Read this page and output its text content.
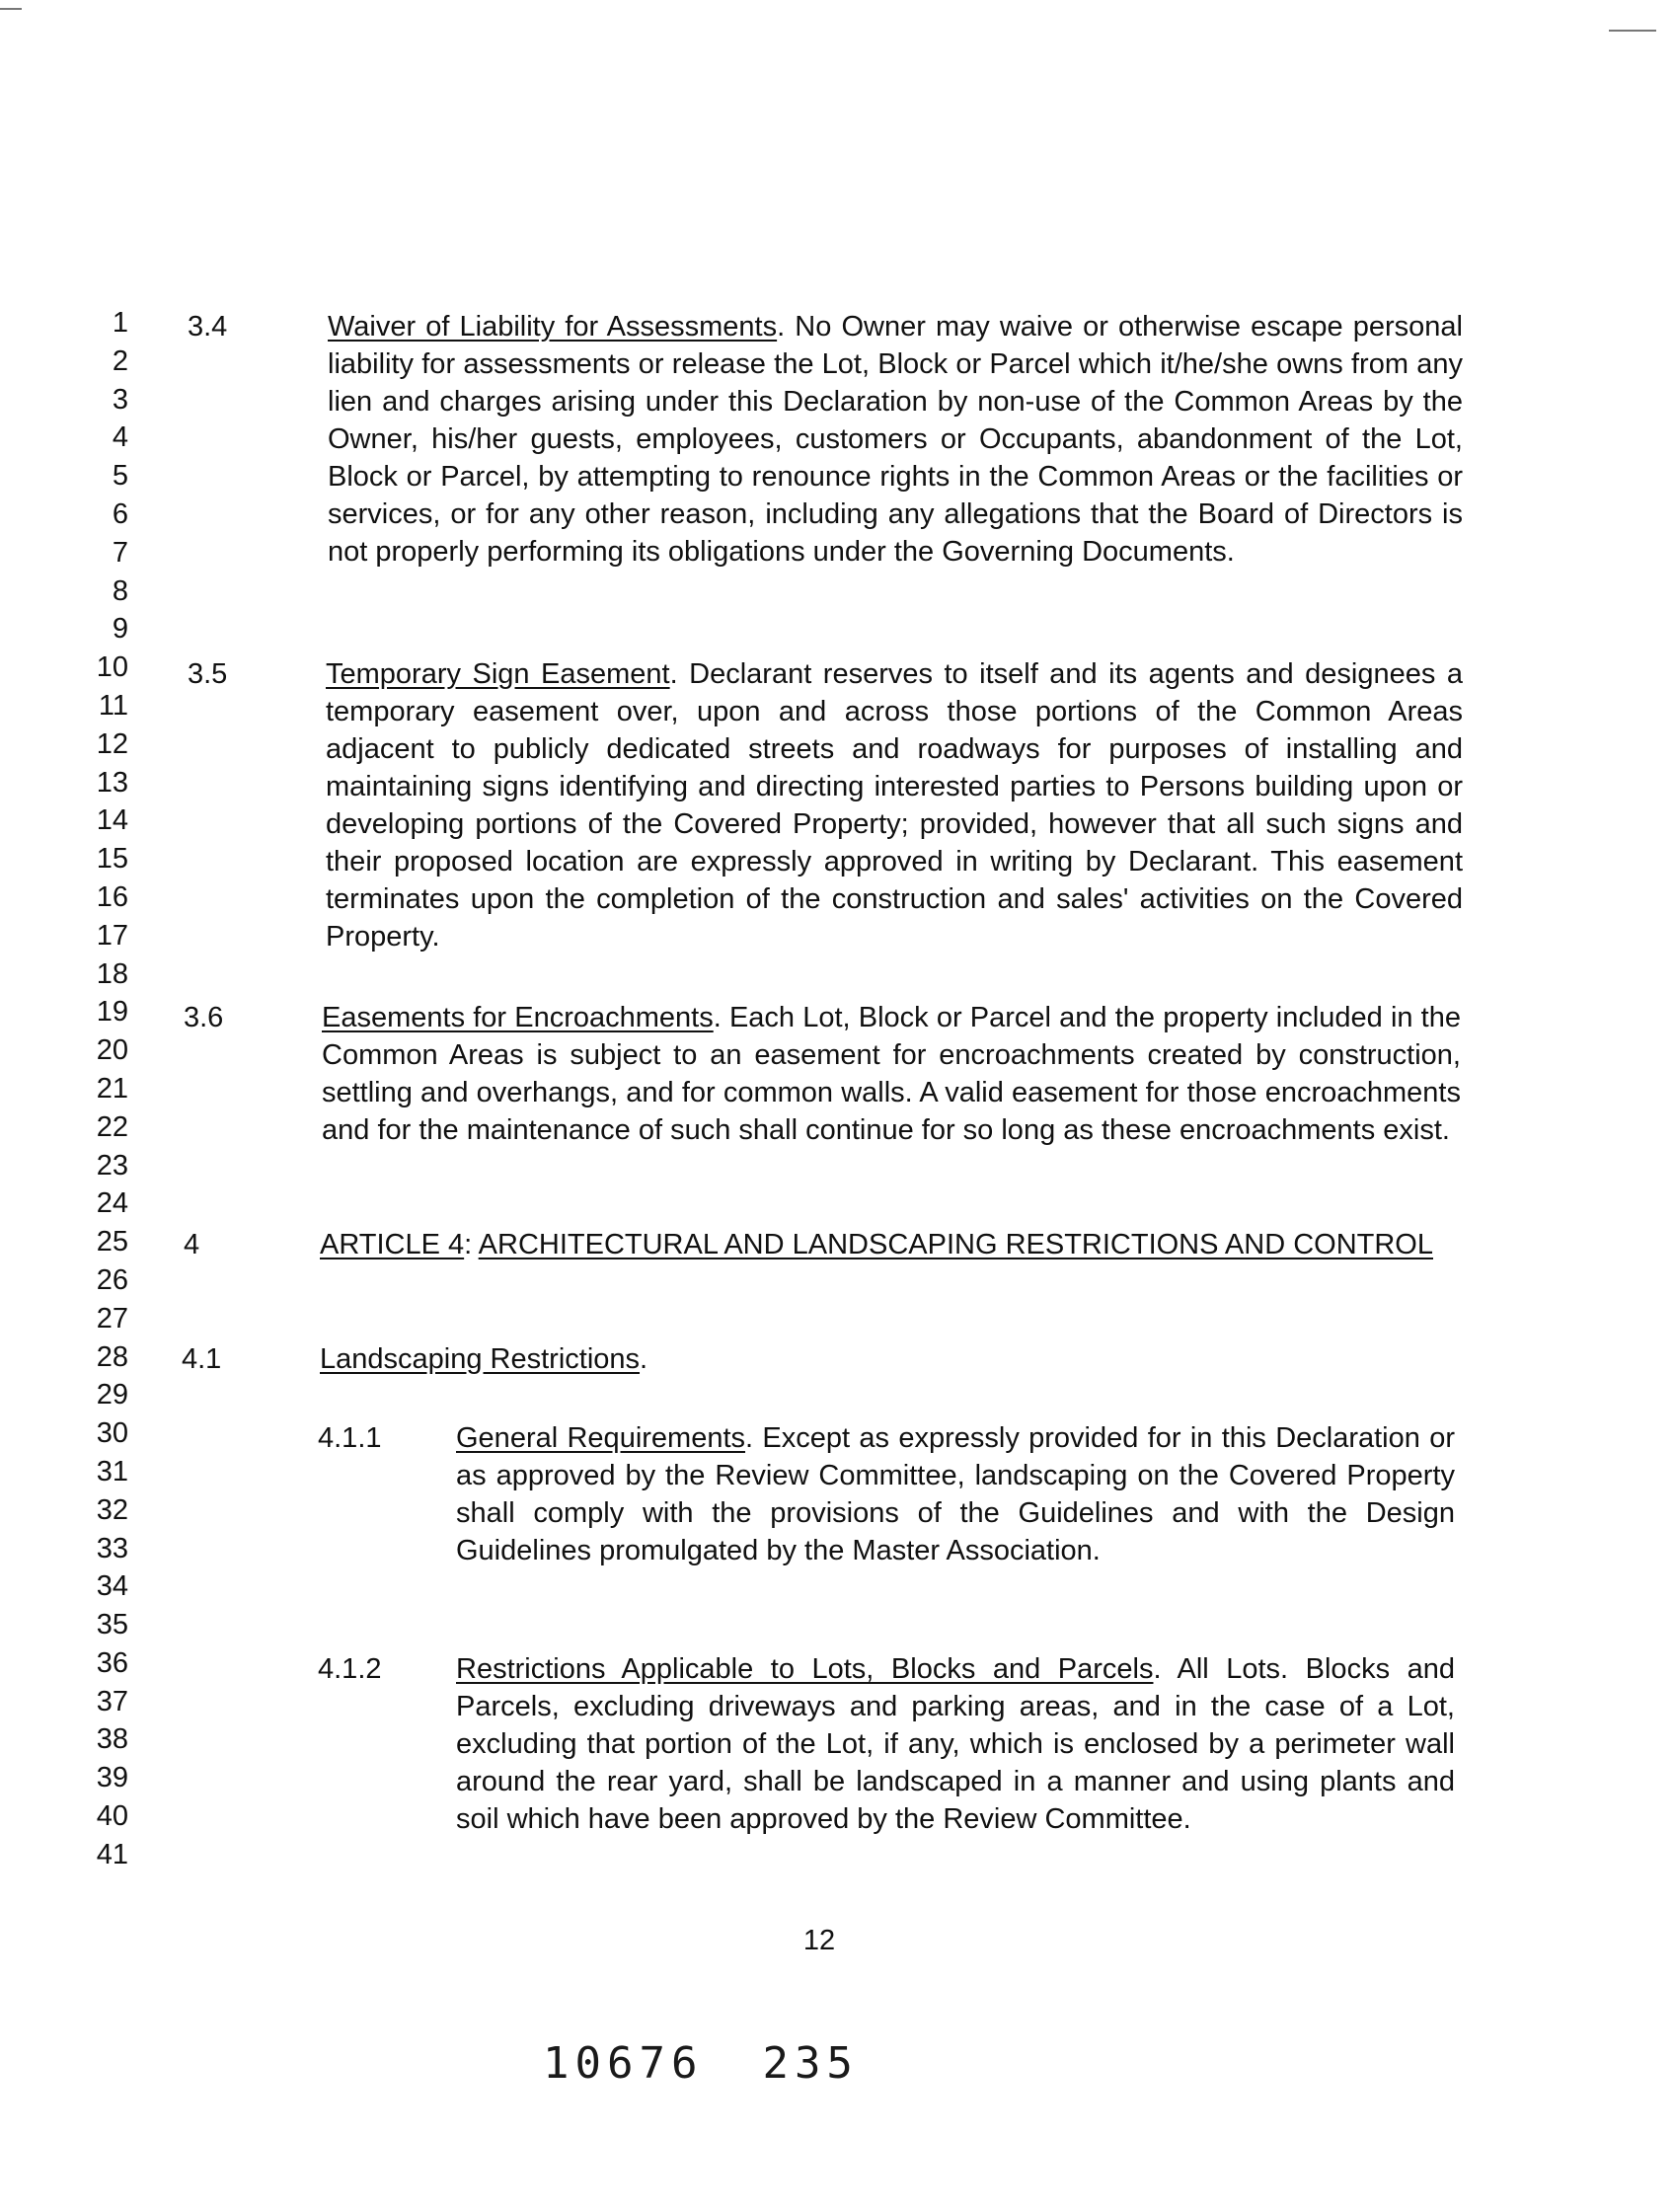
1
2
3
4
5
6
7
8
9
10
11
12
13
14
15
16
17
18
19
20
21
22
23
24
25
26
27
28
29
30
31
32
33
34
35
36
37
38
39
40
41
3.4	Waiver of Liability for Assessments. No Owner may waive or otherwise escape personal liability for assessments or release the Lot, Block or Parcel which it/he/she owns from any lien and charges arising under this Declaration by non-use of the Common Areas by the Owner, his/her guests, employees, customers or Occupants, abandonment of the Lot, Block or Parcel, by attempting to renounce rights in the Common Areas or the facilities or services, or for any other reason, including any allegations that the Board of Directors is not properly performing its obligations under the Governing Documents.
3.5	Temporary Sign Easement. Declarant reserves to itself and its agents and designees a temporary easement over, upon and across those portions of the Common Areas adjacent to publicly dedicated streets and roadways for purposes of installing and maintaining signs identifying and directing interested parties to Persons building upon or developing portions of the Covered Property; provided, however that all such signs and their proposed location are expressly approved in writing by Declarant. This easement terminates upon the completion of the construction and sales' activities on the Covered Property.
3.6	Easements for Encroachments. Each Lot, Block or Parcel and the property included in the Common Areas is subject to an easement for encroachments created by construction, settling and overhangs, and for common walls. A valid easement for those encroachments and for the maintenance of such shall continue for so long as these encroachments exist.
4	ARTICLE 4: ARCHITECTURAL AND LANDSCAPING RESTRICTIONS AND CONTROL
4.1	Landscaping Restrictions.
4.1.1	General Requirements. Except as expressly provided for in this Declaration or as approved by the Review Committee, landscaping on the Covered Property shall comply with the provisions of the Guidelines and with the Design Guidelines promulgated by the Master Association.
4.1.2	Restrictions Applicable to Lots, Blocks and Parcels. All Lots. Blocks and Parcels, excluding driveways and parking areas, and in the case of a Lot, excluding that portion of the Lot, if any, which is enclosed by a perimeter wall around the rear yard, shall be landscaped in a manner and using plants and soil which have been approved by the Review Committee.
12
10676 235
